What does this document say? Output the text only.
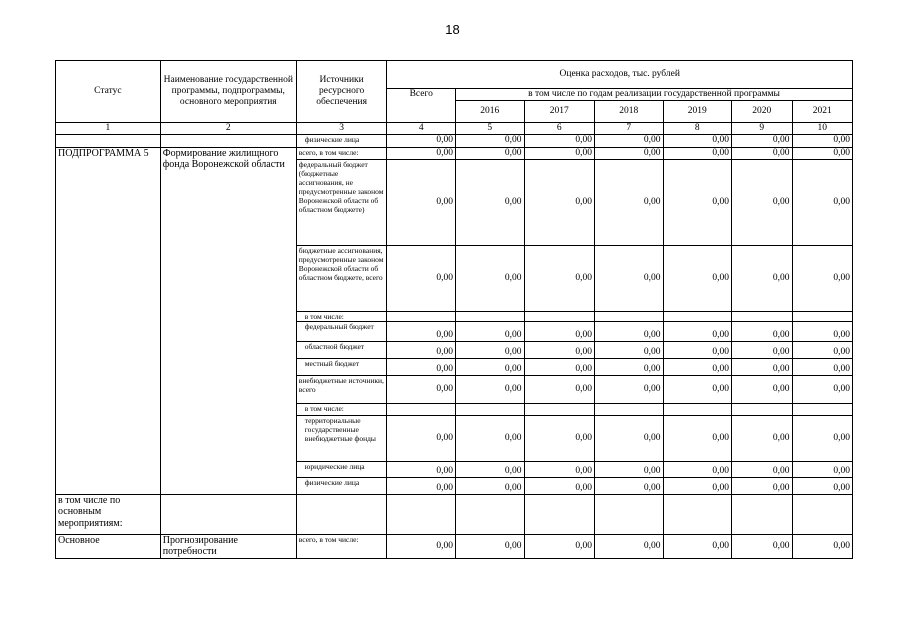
18
Статус	Наименование государственной программы, подпрограммы, основного мероприятия	Источники ресурсного обеспечения	Оценка расходов, тыс. рублей						
			Всего	в том числе по годам реализации государственной программы					
				2016	2017	2018	2019	2020	2021
1	2	3	4	5	6	7	8	9	10
		физические лица	0,00	0,00	0,00	0,00	0,00	0,00	0,00
ПОДПРОГРАММА 5	Формирование жилищного фонда Воронежской области	всего, в том числе:	0,00	0,00	0,00	0,00	0,00	0,00	0,00
		федеральный бюджет (бюджетные ассигнования, не предусмотренные законом Воронежской области об областном бюджете)	0,00	0,00	0,00	0,00	0,00	0,00	0,00
		бюджетные ассигнования, предусмотренные законом Воронежской области об областном бюджете, всего	0,00	0,00	0,00	0,00	0,00	0,00	0,00
		в том числе:							
		федеральный бюджет	0,00	0,00	0,00	0,00	0,00	0,00	0,00
		областной бюджет	0,00	0,00	0,00	0,00	0,00	0,00	0,00
		местный бюджет	0,00	0,00	0,00	0,00	0,00	0,00	0,00
		внебюджетные источники, всего	0,00	0,00	0,00	0,00	0,00	0,00	0,00
		в том числе:							
		территориальные государственные внебюджетные фонды	0,00	0,00	0,00	0,00	0,00	0,00	0,00
		юридические лица	0,00	0,00	0,00	0,00	0,00	0,00	0,00
		физические лица	0,00	0,00	0,00	0,00	0,00	0,00	0,00
в том числе по основным мероприятиям:									
Основное	Прогнозирование потребности	всего, в том числе:	0,00	0,00	0,00	0,00	0,00	0,00	0,00
